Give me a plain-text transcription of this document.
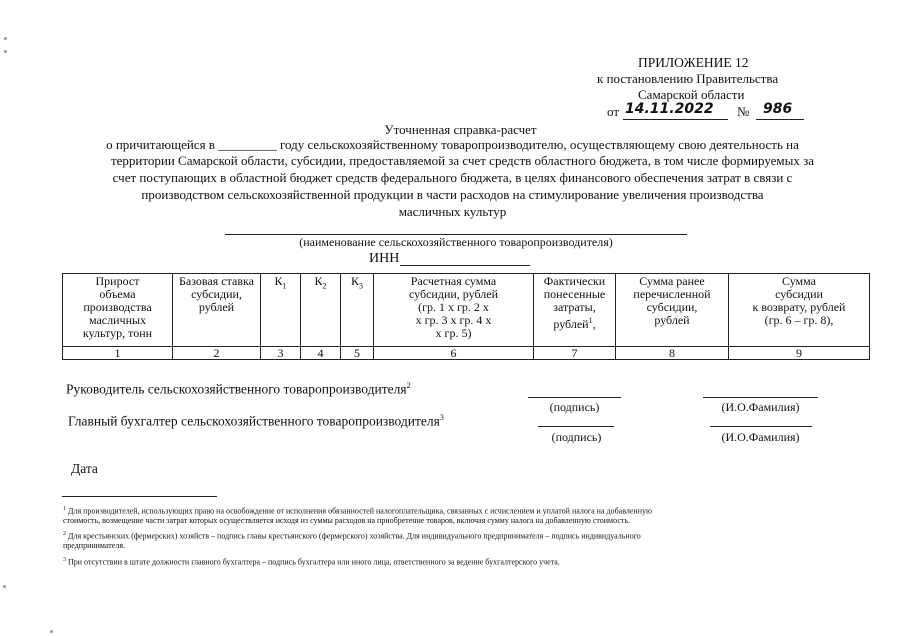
ПРИЛОЖЕНИЕ 12
к постановлению Правительства
Самарской области
от 14.11.2022 № 986
Уточненная справка-расчет
о причитающейся в _________ году сельскохозяйственному товаропроизводителю, осуществляющему свою деятельность на
территории Самарской области, субсидии, предоставляемой за счет средств областного бюджета, в том числе формируемых за
счет поступающих в областной бюджет средств федерального бюджета, в целях финансового обеспечения затрат в связи с
производством сельскохозяйственной продукции в части расходов на стимулирование увеличения производства
масличных культур
(наименование сельскохозяйственного товаропроизводителя)
ИНН
Прирост
объема
производства
масличных
культур, тонн	Базовая ставка
субсидии,
рублей	$К_1$	$К_2$	$К_3$	Расчетная сумма
субсидии, рублей
(гр. 1 х гр. 2 х
х гр. 3 х гр. 4 х
х гр. 5)	Фактически
понесенные
затраты,
рублей$^1$,	Сумма ранее
перечисленной
субсидии,
рублей	Сумма
субсидии
к возврату, рублей
(гр. 6 – гр. 8),
1	2	3	4	5	6	7	8	9
Руководитель сельскохозяйственного товаропроизводителя$^2$
(подпись)	(И.О.Фамилия)
Главный бухгалтер сельскохозяйственного товаропроизводителя$^3$
(подпись)	(И.О.Фамилия)
Дата
$^1$ Для производителей, использующих право на освобождение от исполнения обязанностей налогоплательщика, связанных с исчислением и уплатой налога на добавленную
стоимость, возмещение части затрат которых осуществляется исходя из суммы расходов на приобретение товаров, включая сумму налога на добавленную стоимость.
$^2$ Для крестьянских (фермерских) хозяйств – подпись главы крестьянского (фермерского) хозяйства. Для индивидуального предпринимателя – подпись индивидуального
предпринимателя.
$^3$ При отсутствии в штате должности главного бухгалтера – подпись бухгалтера или иного лица, ответственного за ведение бухгалтерского учета.
